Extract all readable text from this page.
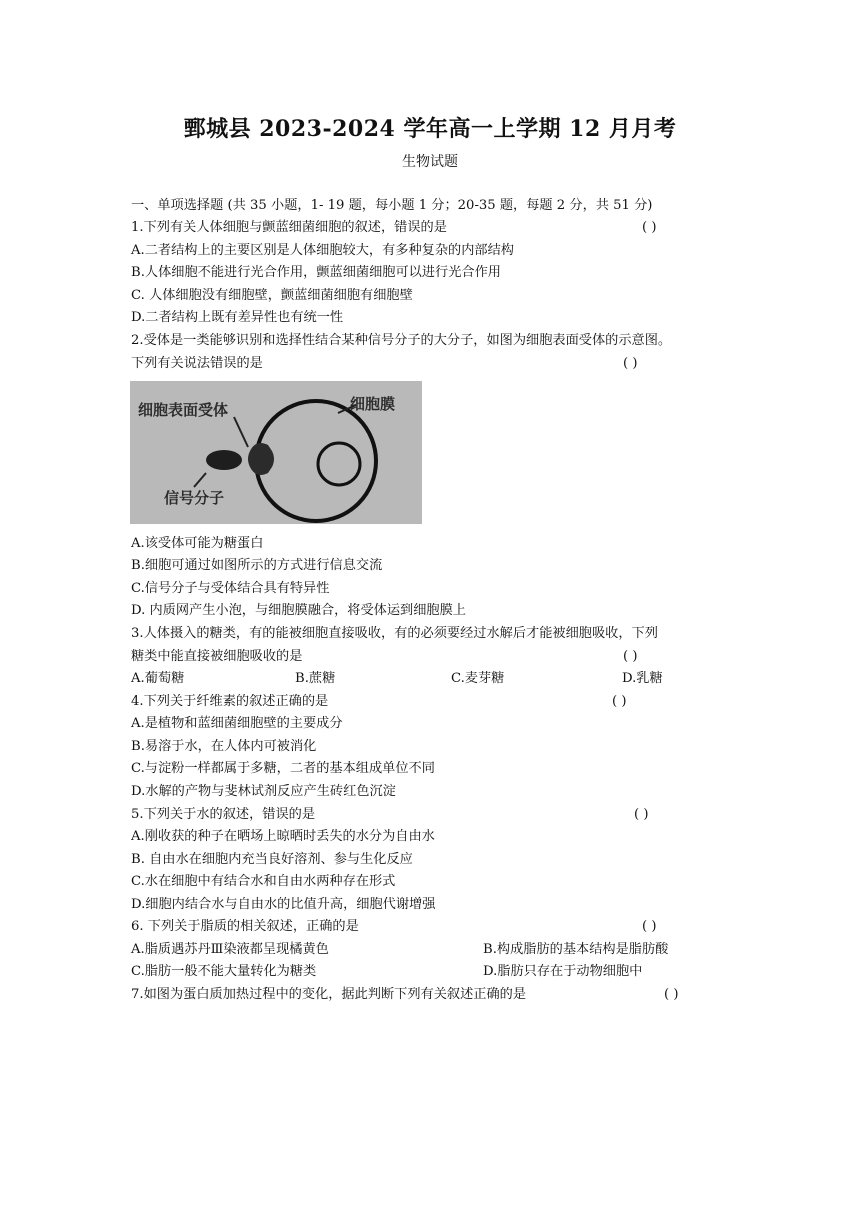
鄄城县 2023-2024 学年高一上学期 12 月月考
生物试题
一、单项选择题 (共 35 小题，1- 19 题，每小题 1 分；20-35 题，每题 2 分，共 51 分)
1.下列有关人体细胞与颤蓝细菌细胞的叙述，错误的是	( )
A.二者结构上的主要区别是人体细胞较大，有多种复杂的内部结构
B.人体细胞不能进行光合作用，颤蓝细菌细胞可以进行光合作用
C. 人体细胞没有细胞壁，颤蓝细菌细胞有细胞壁
D.二者结构上既有差异性也有统一性
2.受体是一类能够识别和选择性结合某种信号分子的大分子，如图为细胞表面受体的示意图。
下列有关说法错误的是	( )
细胞表面受体	细胞膜
信号分子
A.该受体可能为糖蛋白
B.细胞可通过如图所示的方式进行信息交流
C.信号分子与受体结合具有特异性
D. 内质网产生小泡，与细胞膜融合，将受体运到细胞膜上
3.人体摄入的糖类，有的能被细胞直接吸收，有的必须要经过水解后才能被细胞吸收，下列
糖类中能直接被细胞吸收的是	( )
A.葡萄糖	B.蔗糖	C.麦芽糖	D.乳糖
4.下列关于纤维素的叙述正确的是	( )
A.是植物和蓝细菌细胞壁的主要成分
B.易溶于水，在人体内可被消化
C.与淀粉一样都属于多糖，二者的基本组成单位不同
D.水解的产物与斐林试剂反应产生砖红色沉淀
5.下列关于水的叙述，错误的是	( )
A.刚收获的种子在晒场上晾晒时丢失的水分为自由水
B. 自由水在细胞内充当良好溶剂、参与生化反应
C.水在细胞中有结合水和自由水两种存在形式
D.细胞内结合水与自由水的比值升高，细胞代谢增强
6. 下列关于脂质的相关叙述，正确的是	( )
A.脂质遇苏丹Ⅲ染液都呈现橘黄色	B.构成脂肪的基本结构是脂肪酸
C.脂肪一般不能大量转化为糖类	D.脂肪只存在于动物细胞中
7.如图为蛋白质加热过程中的变化，据此判断下列有关叙述正确的是	( )
